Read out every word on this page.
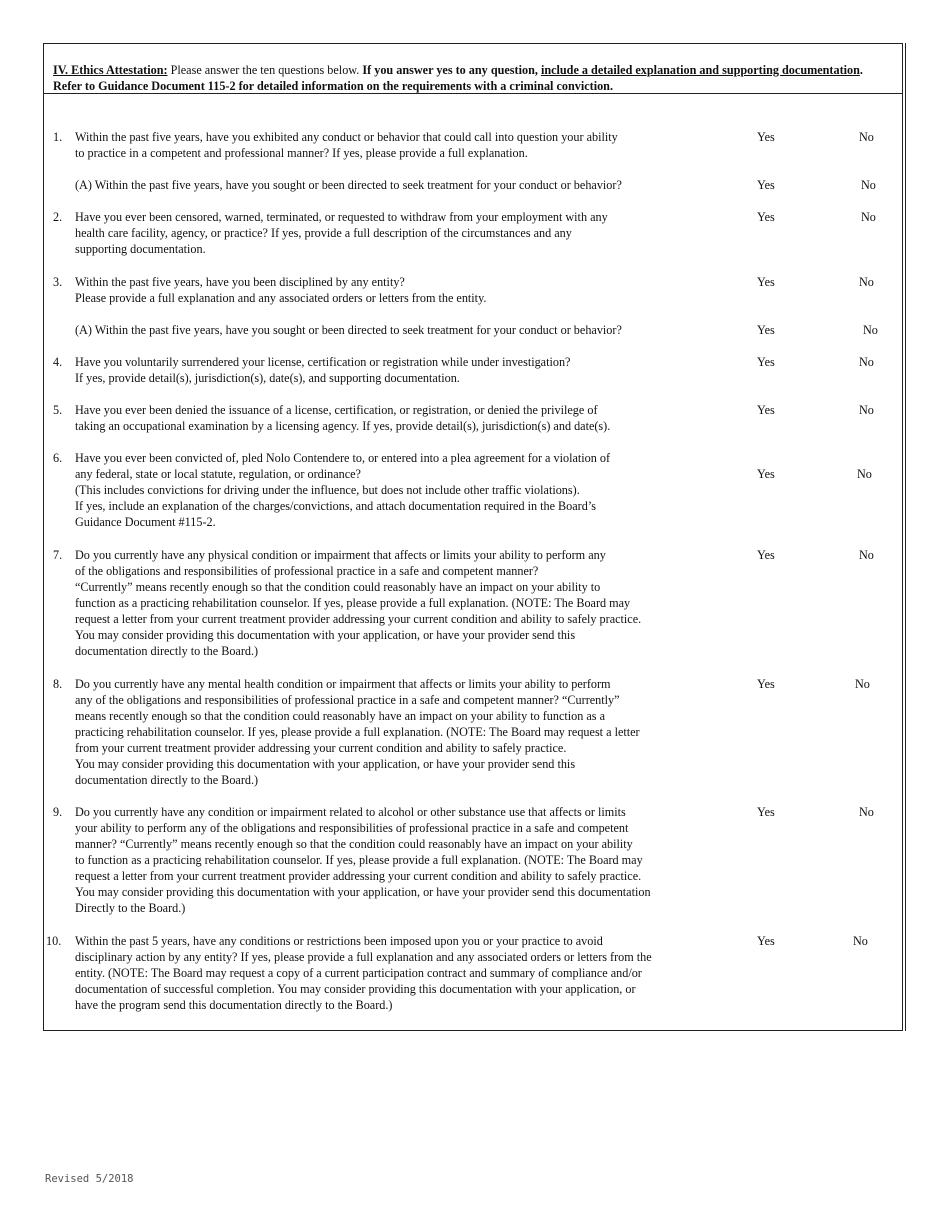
IV. Ethics Attestation: Please answer the ten questions below. If you answer yes to any question, include a detailed explanation and supporting documentation. Refer to Guidance Document 115-2 for detailed information on the requirements with a criminal conviction.
1.	Within the past five years, have you exhibited any conduct or behavior that could call into question your ability
to practice in a competent and professional manner? If yes, please provide a full explanation.
Yes	No
(A) Within the past five years, have you sought or been directed to seek treatment for your conduct or behavior?	Yes	No
2.	Have you ever been censored, warned, terminated, or requested to withdraw from your employment with any
health care facility, agency, or practice? If yes, provide a full description of the circumstances and any
supporting documentation.
Yes	No
3.	Within the past five years, have you been disciplined by any entity?
Please provide a full explanation and any associated orders or letters from the entity.
Yes	No
(A) Within the past five years, have you sought or been directed to seek treatment for your conduct or behavior?	Yes	No
4.	Have you voluntarily surrendered your license, certification or registration while under investigation?
If yes, provide detail(s), jurisdiction(s), date(s), and supporting documentation.
Yes	No
5.	Have you ever been denied the issuance of a license, certification, or registration, or denied the privilege of
taking an occupational examination by a licensing agency. If yes, provide detail(s), jurisdiction(s) and date(s).
Yes	No
6.	Have you ever been convicted of, pled Nolo Contendere to, or entered into a plea agreement for a violation of
any federal, state or local statute, regulation, or ordinance?
(This includes convictions for driving under the influence, but does not include other traffic violations).
If yes, include an explanation of the charges/convictions, and attach documentation required in the Board’s
Guidance Document #115-2.
Yes	No
7.	Do you currently have any physical condition or impairment that affects or limits your ability to perform any
of the obligations and responsibilities of professional practice in a safe and competent manner?
“Currently” means recently enough so that the condition could reasonably have an impact on your ability to
function as a practicing rehabilitation counselor. If yes, please provide a full explanation. (NOTE: The Board may
request a letter from your current treatment provider addressing your current condition and ability to safely practice.
You may consider providing this documentation with your application, or have your provider send this
documentation directly to the Board.)
Yes	No
8.	Do you currently have any mental health condition or impairment that affects or limits your ability to perform
any of the obligations and responsibilities of professional practice in a safe and competent manner? “Currently”
means recently enough so that the condition could reasonably have an impact on your ability to function as a
practicing rehabilitation counselor. If yes, please provide a full explanation. (NOTE: The Board may request a letter
from your current treatment provider addressing your current condition and ability to safely practice.
You may consider providing this documentation with your application, or have your provider send this
documentation directly to the Board.)
Yes	No
9.	Do you currently have any condition or impairment related to alcohol or other substance use that affects or limits
your ability to perform any of the obligations and responsibilities of professional practice in a safe and competent
manner? “Currently” means recently enough so that the condition could reasonably have an impact on your ability
to function as a practicing rehabilitation counselor. If yes, please provide a full explanation. (NOTE: The Board may
request a letter from your current treatment provider addressing your current condition and ability to safely practice.
You may consider providing this documentation with your application, or have your provider send this documentation
Directly to the Board.)
Yes	No
10.	Within the past 5 years, have any conditions or restrictions been imposed upon you or your practice to avoid
disciplinary action by any entity? If yes, please provide a full explanation and any associated orders or letters from the
entity. (NOTE: The Board may request a copy of a current participation contract and summary of compliance and/or
documentation of successful completion. You may consider providing this documentation with your application, or
have the program send this documentation directly to the Board.)
Yes	No
Revised 5/2018
